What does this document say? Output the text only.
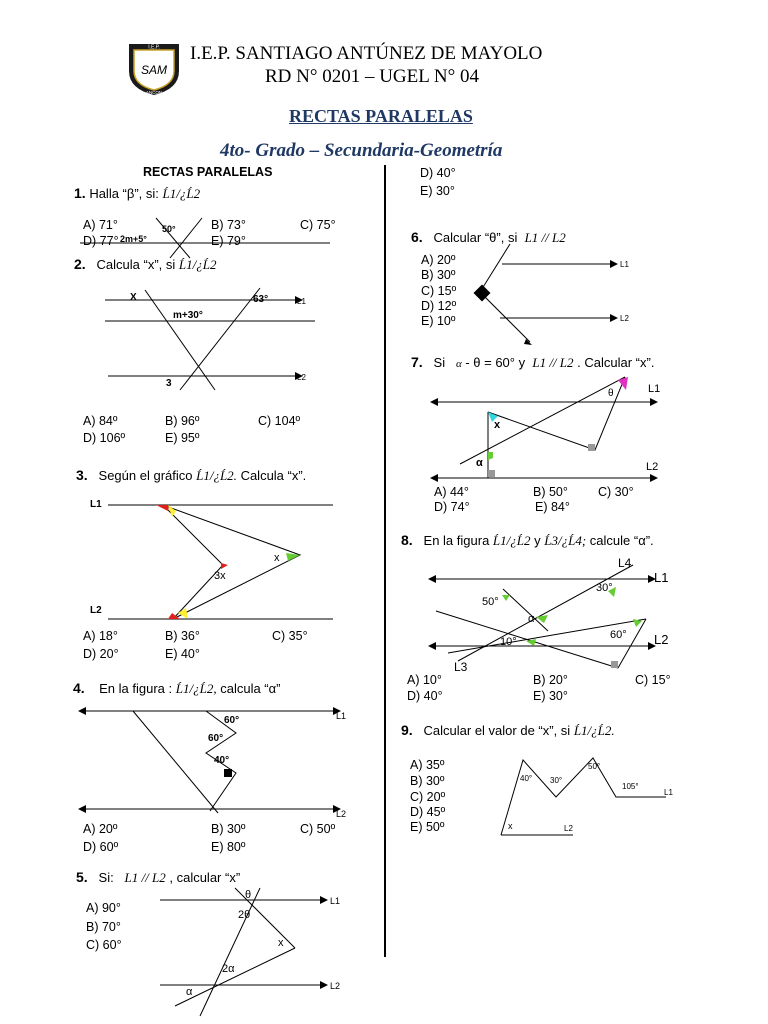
I.E.P.
SAM
ANCON
I.E.P. SANTIAGO ANTÚNEZ DE MAYOLO
RD N° 0201 – UGEL N° 04
RECTAS PARALELAS
4to- Grado – Secundaria-Geometría
RECTAS PARALELAS
1. Halla “β”, si: Ĺ1/¿Ĺ2
50°
2m+5°
A) 71°	B) 73°	C) 75°
D) 77°	E) 79°
2. Calcula “x”, si Ĺ1/¿Ĺ2
X	63°
m+30°
3
L1
L2
A) 84º	B) 96º	C) 104º
D) 106º	E) 95º
3. Según el gráfico Ĺ1/¿Ĺ2. Calcula “x”.
L1
L2
x
3x
A) 18°	B) 36°	C) 35°
D) 20°	E) 40°
4. En la figura : Ĺ1/¿Ĺ2, calcula “α”
60°
60°
40°
L1
L2
A) 20º	B) 30º	C) 50º
D) 60º	E) 80º
5. Si: L1 // L2 , calcular “x”
A) 90°
B) 70°
C) 60°
θ
2θ
x
2α
α
L1
L2
D) 40°
E) 30°
6. Calcular “θ”, si L1 // L2
A) 20º
B) 30º
C) 15º
D) 12º
E) 10º
L1
L2
7. Si α - θ = 60° y L1 // L2 . Calcular “x”.
θ
x
α
L1
L2
A) 44°	B) 50° C) 30°
D) 74°	E) 84°
8. En la figura Ĺ1/¿Ĺ2 y Ĺ3/¿Ĺ4; calcule “α”.
L4
L1
30°
50°
α
60° L2
10°
L3
A) 10°	B) 20°	C) 15°
D) 40°	E) 30°
9. Calcular el valor de “x”, si Ĺ1/¿Ĺ2.
A) 35º
B) 30º
C) 20º
D) 45º
E) 50º
40° 30°
50°
105°
x
L1
L2
